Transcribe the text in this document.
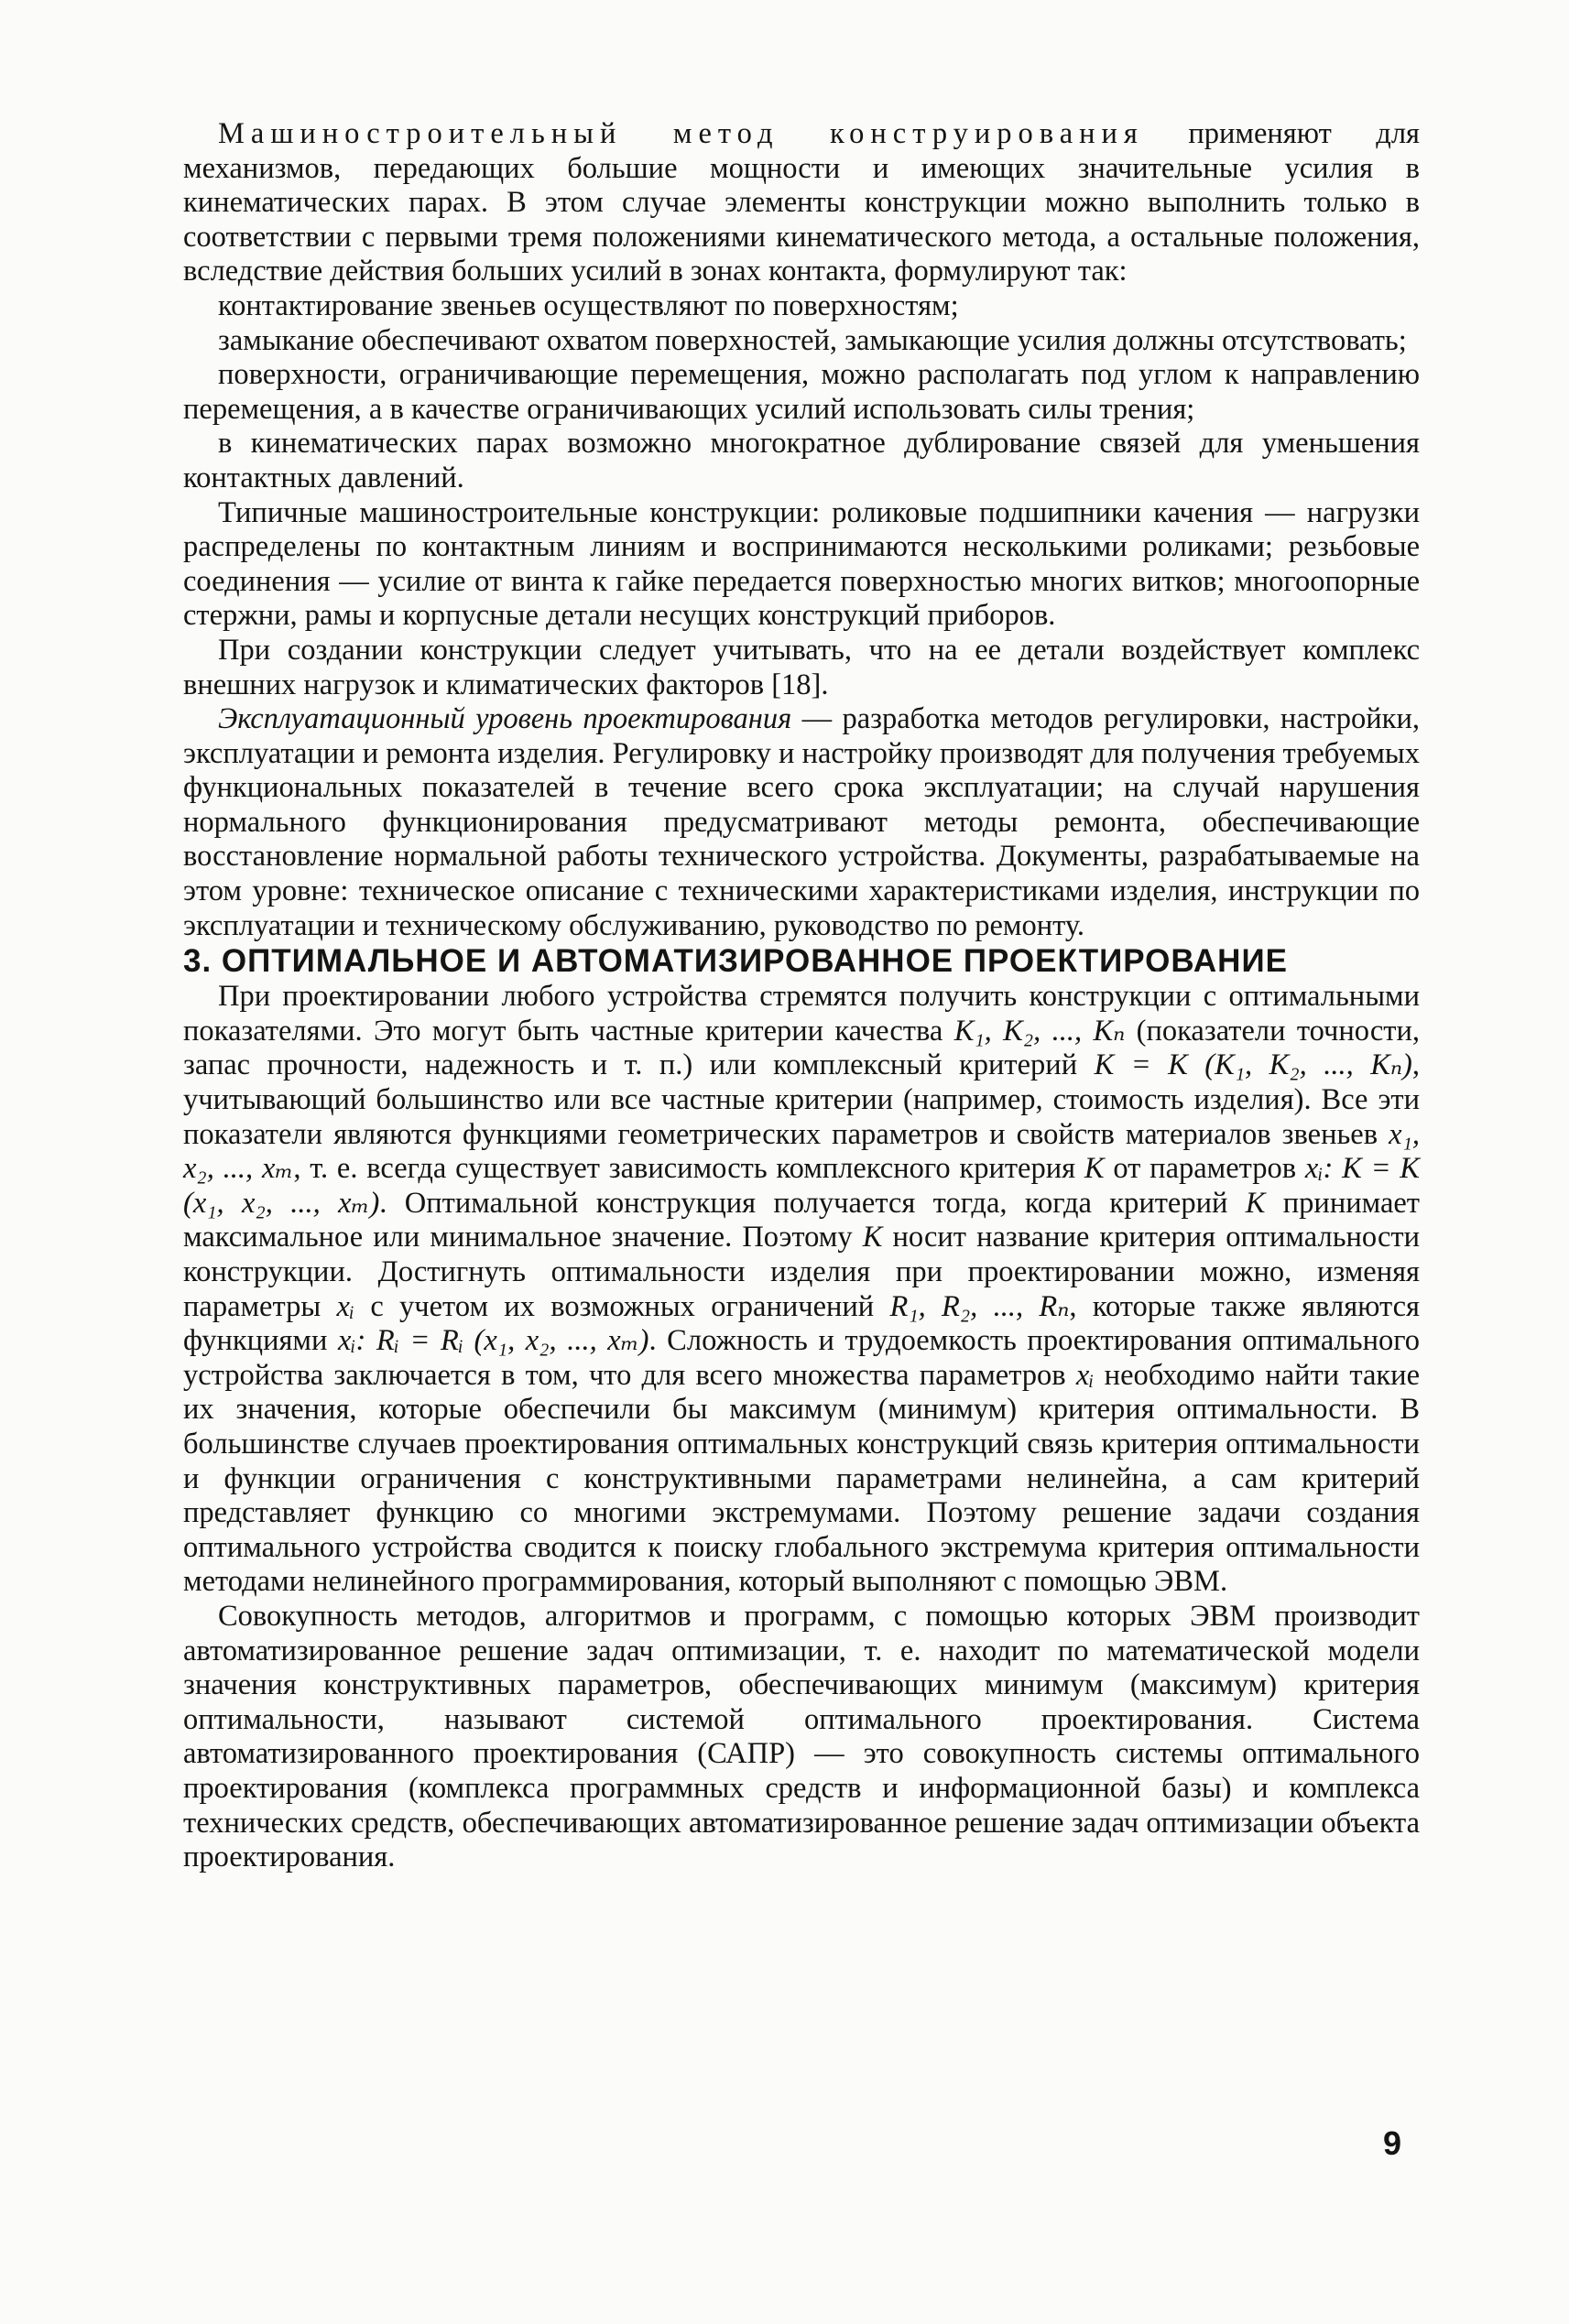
Машиностроительный метод конструирования применяют для механизмов, передающих большие мощности и имеющих значительные усилия в кинематических парах. В этом случае элементы конструкции можно выполнить только в соответствии с первыми тремя положениями кинематического метода, а остальные положения, вследствие действия больших усилий в зонах контакта, формулируют так:

контактирование звеньев осуществляют по поверхностям;

замыкание обеспечивают охватом поверхностей, замыкающие усилия должны отсутствовать;

поверхности, ограничивающие перемещения, можно располагать под углом к направлению перемещения, а в качестве ограничивающих усилий использовать силы трения;

в кинематических парах возможно многократное дублирование связей для уменьшения контактных давлений.

Типичные машиностроительные конструкции: роликовые подшипники качения — нагрузки распределены по контактным линиям и воспринимаются несколькими роликами; резьбовые соединения — усилие от винта к гайке передается поверхностью многих витков; многоопорные стержни, рамы и корпусные детали несущих конструкций приборов.

При создании конструкции следует учитывать, что на ее детали воздействует комплекс внешних нагрузок и климатических факторов [18].

Эксплуатационный уровень проектирования — разработка методов регулировки, настройки, эксплуатации и ремонта изделия. Регулировку и настройку производят для получения требуемых функциональных показателей в течение всего срока эксплуатации; на случай нарушения нормального функционирования предусматривают методы ремонта, обеспечивающие восстановление нормальной работы технического устройства. Документы, разрабатываемые на этом уровне: техническое описание с техническими характеристиками изделия, инструкции по эксплуатации и техническому обслуживанию, руководство по ремонту.

3. ОПТИМАЛЬНОЕ И АВТОМАТИЗИРОВАННОЕ ПРОЕКТИРОВАНИЕ

При проектировании любого устройства стремятся получить конструкции с оптимальными показателями. Это могут быть частные критерии качества K₁, K₂, ..., Kₙ (показатели точности, запас прочности, надежность и т. п.) или комплексный критерий K = K (K₁, K₂, ..., Kₙ), учитывающий большинство или все частные критерии (например, стоимость изделия). Все эти показатели являются функциями геометрических параметров и свойств материалов звеньев x₁, x₂, ..., xₘ, т. е. всегда существует зависимость комплексного критерия K от параметров xᵢ: K = K (x₁, x₂, ..., xₘ). Оптимальной конструкция получается тогда, когда критерий K принимает максимальное или минимальное значение. Поэтому K носит название критерия оптимальности конструкции. Достигнуть оптимальности изделия при проектировании можно, изменяя параметры xᵢ с учетом их возможных ограничений R₁, R₂, ..., Rₙ, которые также являются функциями xᵢ: Rᵢ = Rᵢ (x₁, x₂, ..., xₘ). Сложность и трудоемкость проектирования оптимального устройства заключается в том, что для всего множества параметров xᵢ необходимо найти такие их значения, которые обеспечили бы максимум (минимум) критерия оптимальности. В большинстве случаев проектирования оптимальных конструкций связь критерия оптимальности и функции ограничения с конструктивными параметрами нелинейна, а сам критерий представляет функцию со многими экстремумами. Поэтому решение задачи создания оптимального устройства сводится к поиску глобального экстремума критерия оптимальности методами нелинейного программирования, который выполняют с помощью ЭВМ.

Совокупность методов, алгоритмов и программ, с помощью которых ЭВМ производит автоматизированное решение задач оптимизации, т. е. находит по математической модели значения конструктивных параметров, обеспечивающих минимум (максимум) критерия оптимальности, называют системой оптимального проектирования. Система автоматизированного проектирования (САПР) — это совокупность системы оптимального проектирования (комплекса программных средств и информационной базы) и комплекса технических средств, обеспечивающих автоматизированное решение задач оптимизации объекта проектирования.

9
